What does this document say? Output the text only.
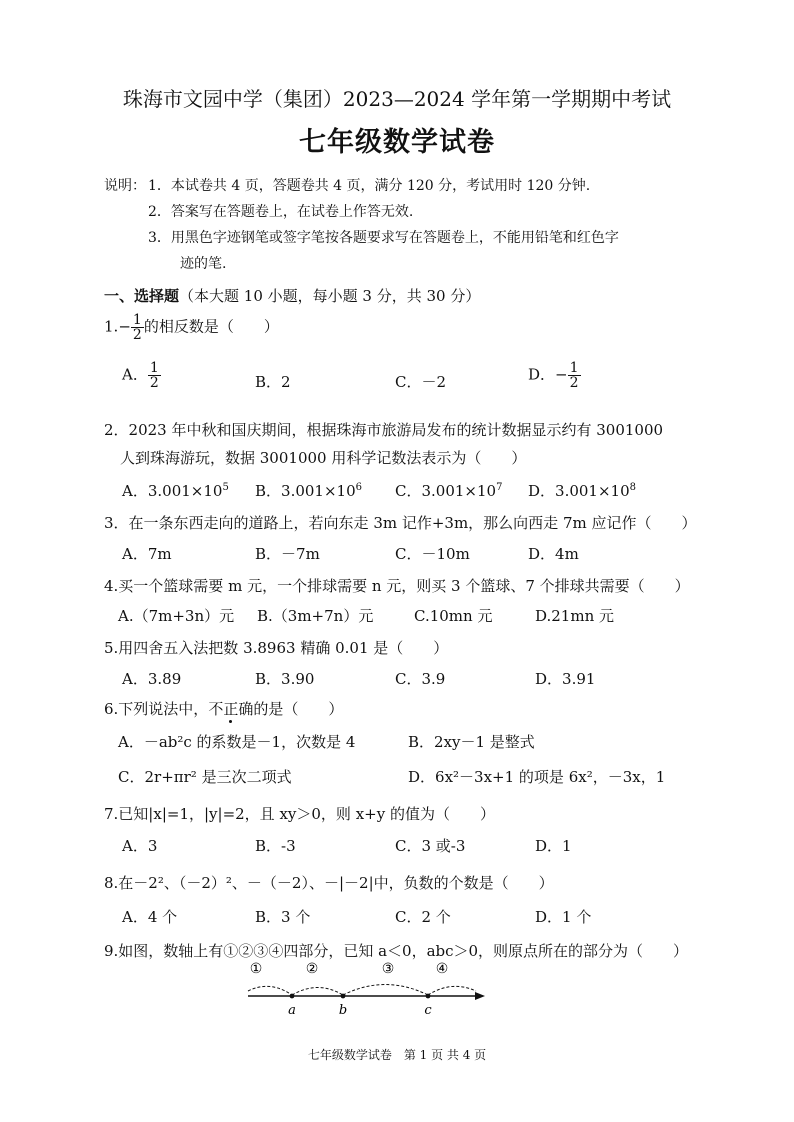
珠海市文园中学（集团）2023—2024 学年第一学期期中考试
七年级数学试卷
说明： 1．本试卷共 4 页，答题卷共 4 页，满分 120 分，考试用时 120 分钟.
2．答案写在答题卷上，在试卷上作答无效.
3．用黑色字迹钢笔或签字笔按各题要求写在答题卷上，不能用铅笔和红色字
迹的笔.
一、选择题（本大题 10 小题，每小题 3 分，共 30 分）
$1.- \frac{1}{2}$ 的相反数是（　　）
A． $\frac{1}{2}$	B．2	C．－2	D．− $\frac{1}{2}$
2．2023 年中秋和国庆期间，根据珠海市旅游局发布的统计数据显示约有 3001000
人到珠海游玩，数据 3001000 用科学记数法表示为（　　）
A．$3.001\times 10^5$ B．$3.001\times 10^6$ C．$3.001\times 10^7$ D．$3.001\times 10^8$
3．在一条东西走向的道路上，若向东走 3m 记作+3m，那么向西走 7m 应记作（　　）
A．7m	B．－7m	C．－10m	D．4m
4.买一个篮球需要 m 元，一个排球需要 n 元，则买 3 个篮球、7 个排球共需要（　　）
A.（7m+3n）元 B.（3m+7n）元	C.10mn 元	D.21mn 元
5.用四舍五入法把数 3.8963 精确 0.01 是（　　）
A．3.89	B．3.90	C．3.9	D．3.91
6.下列说法中，不正确的是（　　）
A．－ab²c 的系数是－1，次数是 4	B．2xy－1 是整式
C．2r+πr² 是三次二项式	D．6x²－3x+1 的项是 6x²，－3x，1
7.已知|x|=1，|y|=2，且 xy＞0，则 x+y 的值为（　　）
A．3	B．-3	C．3 或-3	D．1
8.在－2²、（－2）²、－（－2）、－|－2|中，负数的个数是（　　）
A．4 个	B．3 个	C．2 个	D．1 个
9.如图，数轴上有①②③④四部分，已知 a＜0，abc＞0，则原点所在的部分为（　　）
①	②	③	④
a	b	c
七年级数学试卷　第 1 页 共 4 页
